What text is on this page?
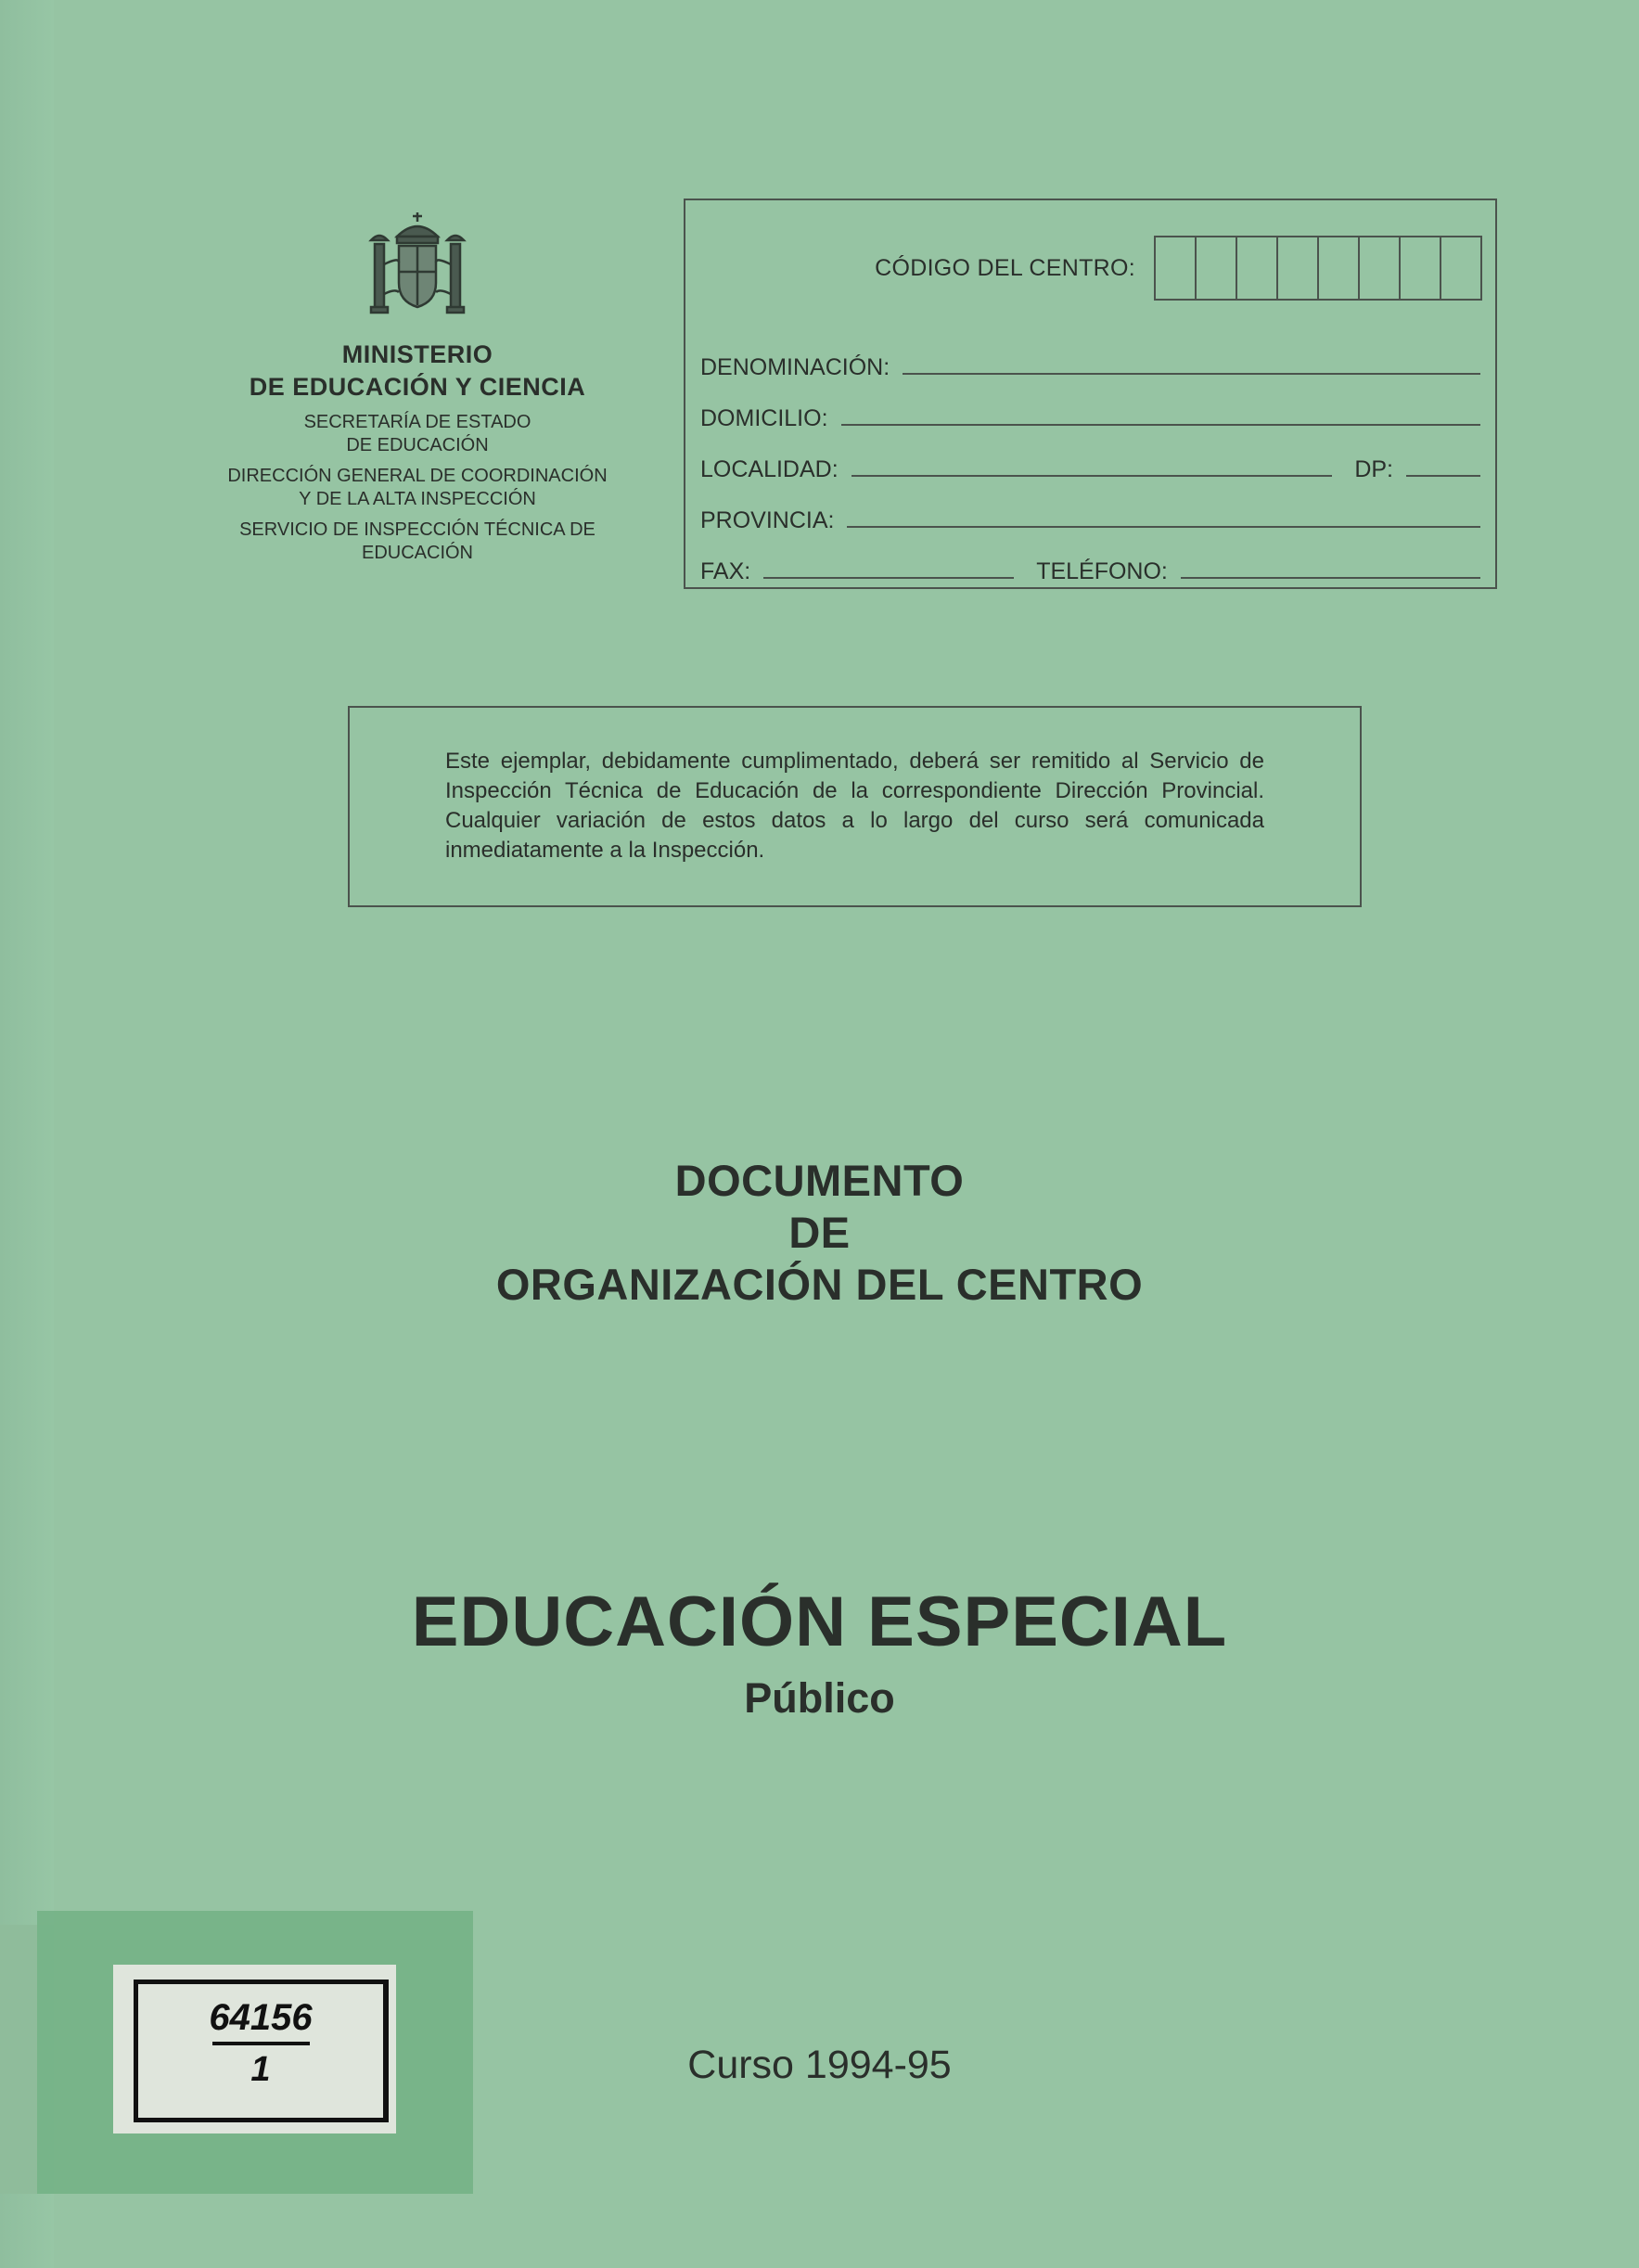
MINISTERIO
DE EDUCACIÓN Y CIENCIA
SECRETARÍA DE ESTADO
DE EDUCACIÓN
DIRECCIÓN GENERAL DE COORDINACIÓN
Y DE LA ALTA INSPECCIÓN
SERVICIO DE INSPECCIÓN TÉCNICA DE
EDUCACIÓN
CÓDIGO DEL CENTRO:
DENOMINACIÓN:
DOMICILIO:
LOCALIDAD:	DP:
PROVINCIA:
FAX:	TELÉFONO:

Este ejemplar, debidamente cumplimentado, deberá ser remitido al Servicio de Inspección Técnica de Educación de la correspondiente Dirección Provincial. Cualquier variación de estos datos a lo largo del curso será comunicada inmediatamente a la Inspección.

DOCUMENTO
DE
ORGANIZACIÓN DEL CENTRO
EDUCACIÓN ESPECIAL
Público
Curso 1994-95
64156
1
